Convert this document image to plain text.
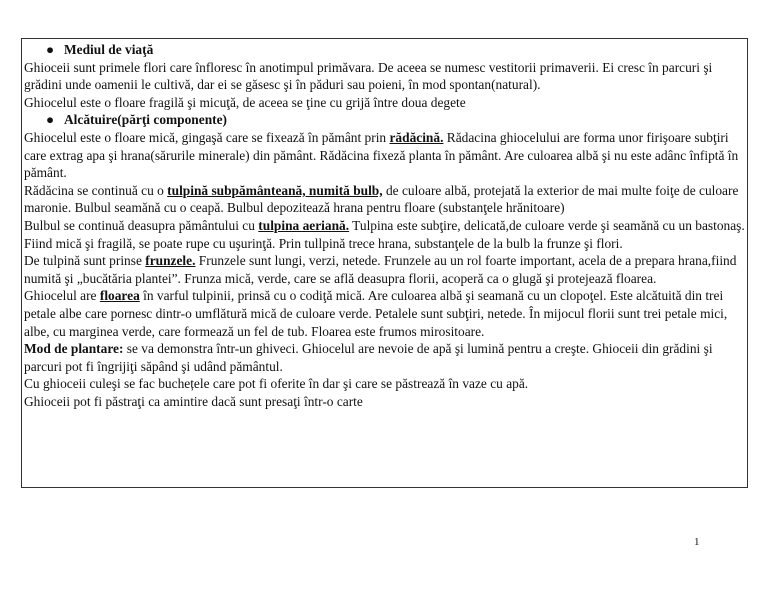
● Mediul de viaţă

Ghioceii sunt primele flori care înfloresc în anotimpul primăvara. De aceea se numesc vestitorii primaverii. Ei cresc în parcuri şi grădini unde oamenii le cultivă, dar ei se găsesc şi în păduri sau poieni, în mod spontan(natural).

Ghiocelul este o floare fragilă şi micuţă, de aceea se ţine cu grijă între doua degete

● Alcătuire(părţi componente)

Ghiocelul este o floare mică, gingaşă care se fixează în pământ prin rădăcină. Rădacina ghiocelului are forma unor firişoare subţiri care extrag apa şi hrana(sărurile minerale) din pământ. Rădăcina fixeză planta în pământ. Are culoarea albă şi nu este adânc înfiptă în pământ.

Rădăcina se continuă cu o tulpină subpământeană, numită bulb, de culoare albă, protejată la exterior de mai multe foiţe de culoare maronie. Bulbul seamănă cu o ceapă. Bulbul depoziteazǎ hrana pentru floare (substanţele hrănitoare)

Bulbul se continuă deasupra pământului cu tulpina aeriană. Tulpina este subţire, delicată,de culoare verde şi seamănă cu un bastonaş. Fiind mică şi fragilă, se poate rupe cu uşurinţă. Prin tullpină trece hrana, substanţele de la bulb la frunze şi flori.

De tulpină sunt prinse frunzele. Frunzele sunt lungi, verzi, netede. Frunzele au un rol foarte important, acela de a prepara hrana,fiind numită şi „bucătăria plantei”. Frunza mică, verde, care se află deasupra florii, acoperă ca o glugă şi protejează floarea.

Ghiocelul are floarea în varful tulpinii, prinsă cu o codiţă mică. Are culoarea albă şi seamană cu un clopoţel. Este alcătuită din trei petale albe care pornesc dintr-o umflătură mică de culoare verde. Petalele sunt subţiri, netede. În mijocul florii sunt trei petale mici, albe, cu marginea verde, care formează un fel de tub. Floarea este frumos mirositoare.

Mod de plantare: se va demonstra într-un ghiveci. Ghiocelul are nevoie de apă şi lumină pentru a creşte. Ghioceii din grădini şi parcuri pot fi îngrijiţi săpând şi udând pământul.

Cu ghioceii culeşi se fac buchețele care pot fi oferite în dar şi care se păstrează în vaze cu apă.

Ghioceii pot fi păstraţi ca amintire dacă sunt presaţi într-o carte

1
